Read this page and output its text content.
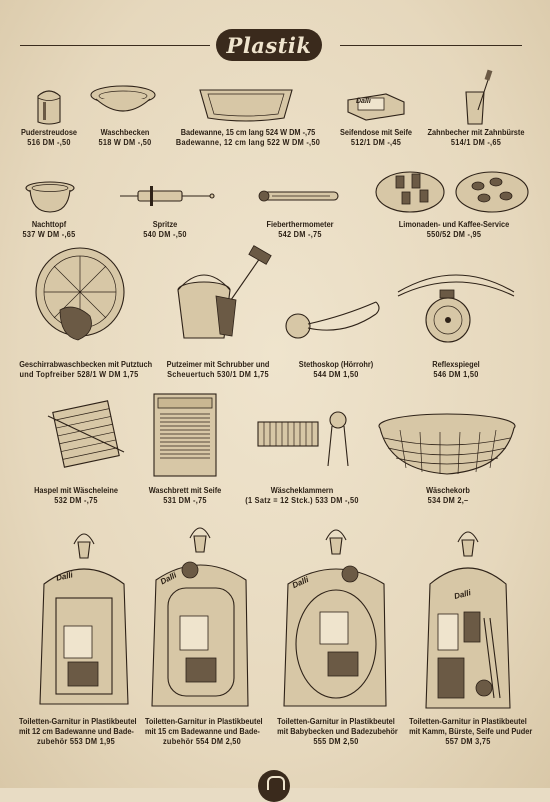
Plastik
Puderstreudose
516 DM -,50
Waschbecken
518 W DM -,50
Badewanne, 15 cm lang 524 W DM -,75
Badewanne, 12 cm lang 522 W DM -,50
Dalli
Seifendose mit Seife
512/1 DM -,45
Zahnbecher mit Zahnbürste
514/1 DM -,65
Nachttopf
537 W DM -,65
Spritze
540 DM -,50
Fieberthermometer
542 DM -,75
Limonaden- und Kaffee-Service
550/52 DM -,95
Geschirrabwaschbecken mit Putztuch
und Topfreiber 528/1 W DM 1,75
Putzeimer mit Schrubber und
Scheuertuch 530/1 DM 1,75
Stethoskop (Hörrohr)
544 DM 1,50
Reflexspiegel
546 DM 1,50
Haspel mit Wäscheleine
532 DM -,75
Waschbrett mit Seife
531 DM -,75
Wäscheklammern
(1 Satz = 12 Stck.) 533 DM -,50
Wäschekorb
534 DM 2,–
Dalli
Toiletten-Garnitur in Plastikbeutel
mit 12 cm Badewanne und Bade-
zubehör 553 DM 1,95
Dalli
Toiletten-Garnitur in Plastikbeutel
mit 15 cm Badewanne und Bade-
zubehör 554 DM 2,50
Dalli
Toiletten-Garnitur in Plastikbeutel
mit Babybecken und Badezubehör
555 DM 2,50
Dalli
Toiletten-Garnitur in Plastikbeutel
mit Kamm, Bürste, Seife und Puder
557 DM 3,75
